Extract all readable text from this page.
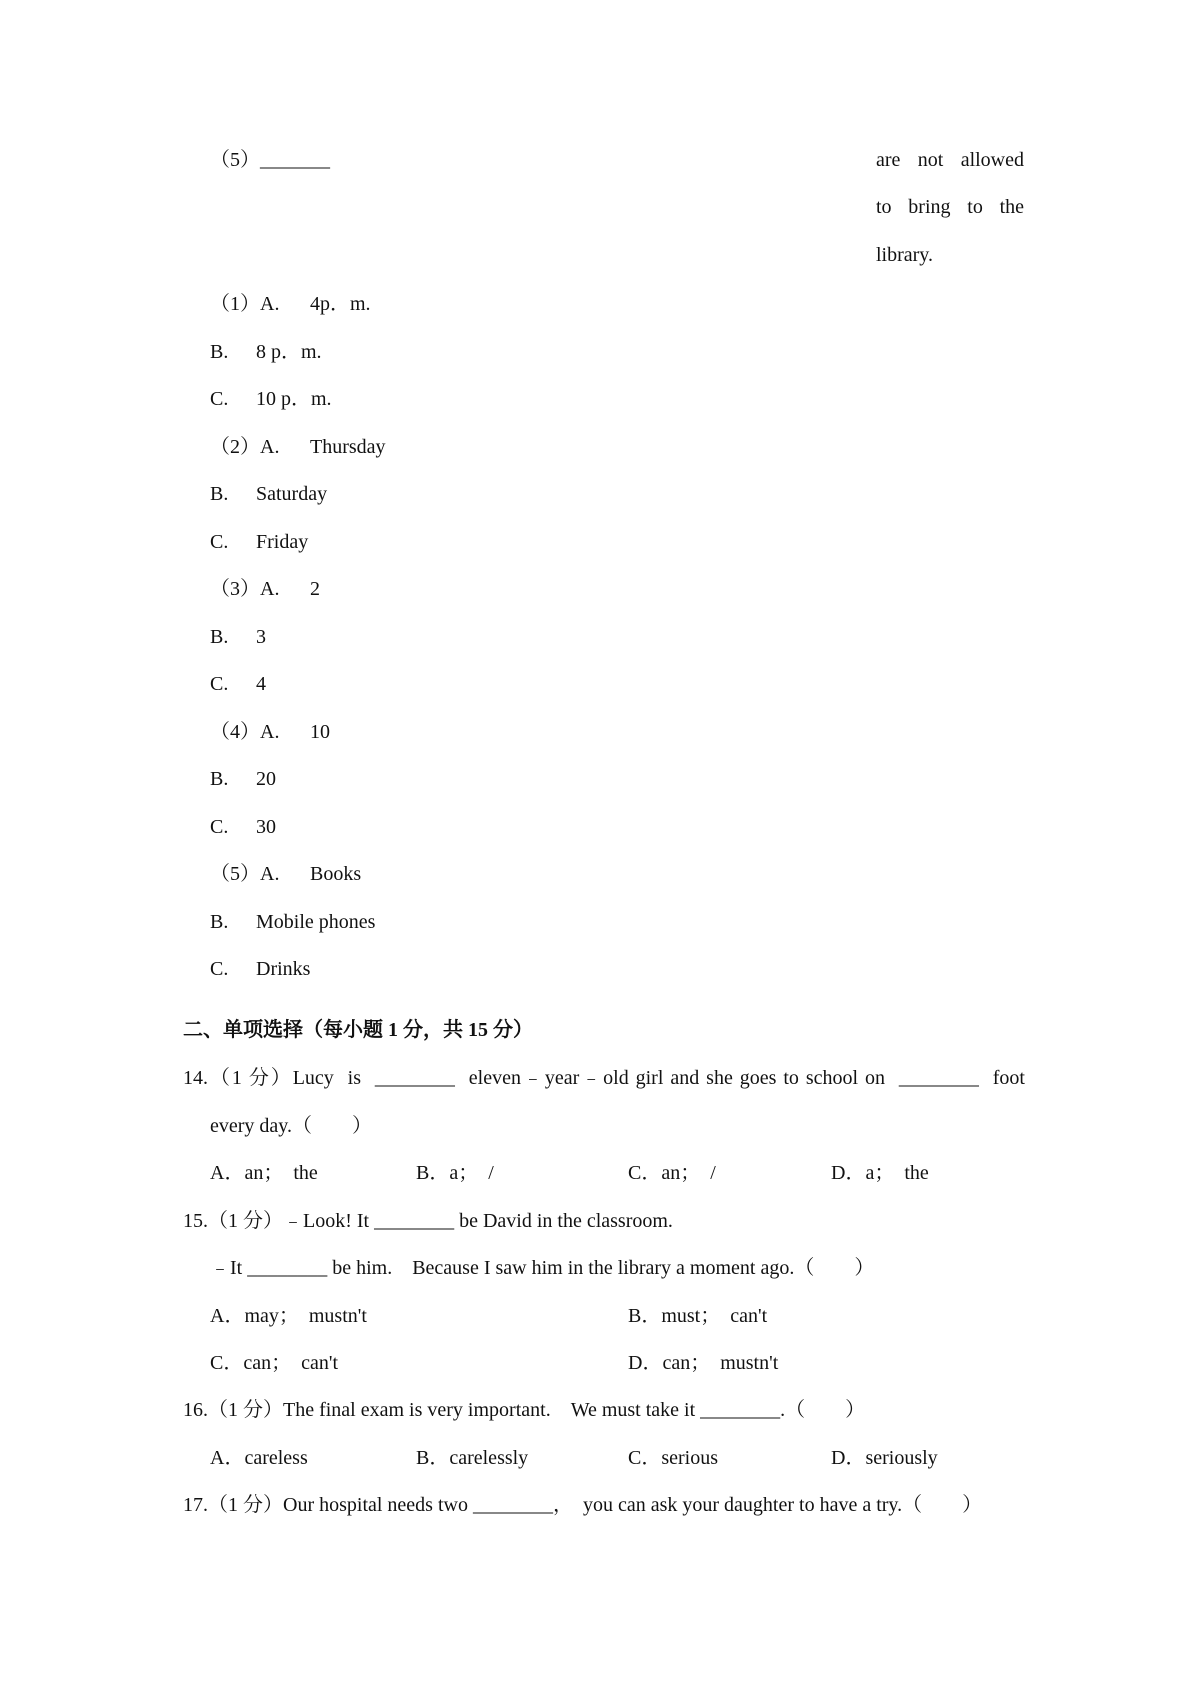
（5）_______	are  not  allowed
to  bring  to  the
library.
（1）A. 4p．m.
B. 8 p．m.
C. 10 p．m.
（2）A. Thursday
B. Saturday
C. Friday
（3）A. 2
B. 3
C. 4
（4）A. 10
B. 20
C. 30
（5）A. Books
B. Mobile phones
C. Drinks
二、单项选择（每小题 1 分，共 15 分）
14.（1 分）Lucy  is  ________  eleven﹣year﹣old girl and she goes to school on  ________  foot
every day.（　　）
A．an；　the	B．a；　/	C．an；　/	D．a；　the
15.（1 分）﹣Look! It ________ be David in the classroom.
﹣It ________ be him.　Because I saw him in the library a moment ago.（　　）
A．may；　mustn't	B．must；　can't
C．can；　can't	D．can；　mustn't
16.（1 分）The final exam is very important.　We must take it ________.（　　）
A．careless	B．carelessly	C．serious	D．seriously
17.（1 分）Our hospital needs two ________，　you can ask your daughter to have a try.（　　）
